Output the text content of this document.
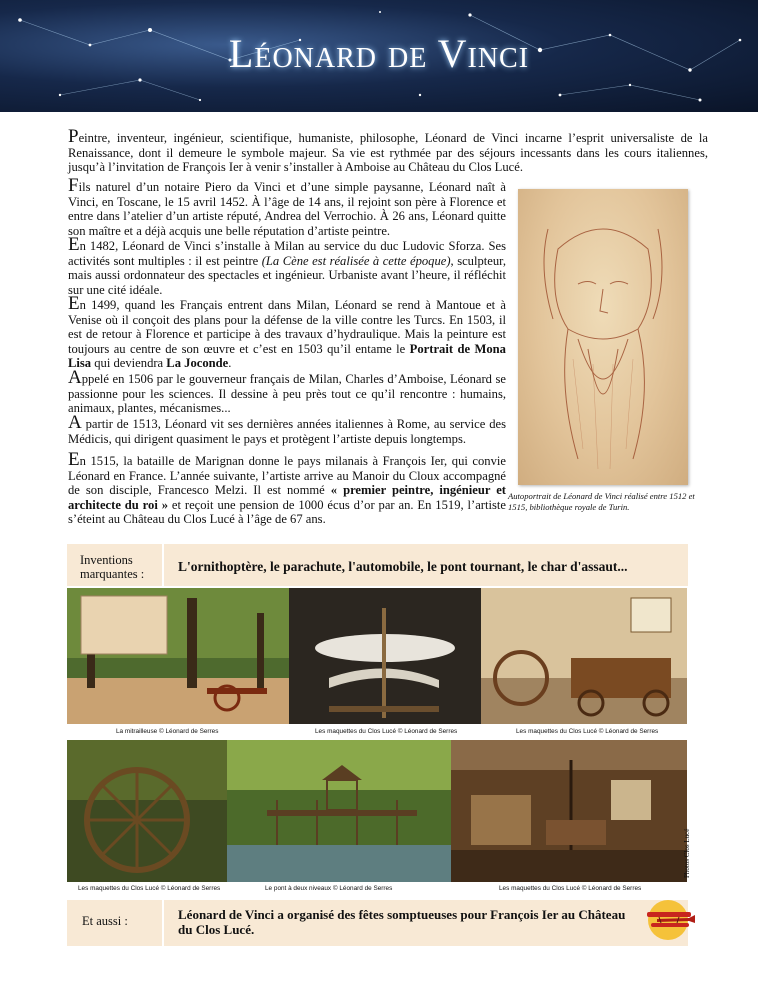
Léonard de Vinci

Peintre, inventeur, ingénieur, scientifique, humaniste, philosophe, Léonard de Vinci incarne l’esprit universaliste de la Renaissance, dont il demeure le symbole majeur. Sa vie est rythmée par des séjours incessants dans les cours italiennes, jusqu’à l’invitation de François Ier à venir s’installer à Amboise au Château du Clos Lucé.

Fils naturel d’un notaire Piero da Vinci et d’une simple paysanne, Léonard naît à Vinci, en Toscane, le 15 avril 1452. À l’âge de 14 ans, il rejoint son père à Florence et entre dans l’atelier d’un artiste réputé, Andrea del Verrochio. À 26 ans, Léonard quitte son maître et a déjà acquis une belle réputation d’artiste peintre.

En 1482, Léonard de Vinci s’installe à Milan au service du duc Ludovic Sforza. Ses activités sont multiples : il est peintre (La Cène est réalisée à cette époque), sculpteur, mais aussi ordonnateur des spectacles et ingénieur. Urbaniste avant l’heure, il réfléchit sur une cité idéale.

En 1499, quand les Français entrent dans Milan, Léonard se rend à Mantoue et à Venise où il conçoit des plans pour la défense de la ville contre les Turcs. En 1503, il est de retour à Florence et participe à des travaux d’hydraulique. Mais la peinture est toujours au centre de son œuvre et c’est en 1503 qu’il entame le Portrait de Mona Lisa qui deviendra La Joconde.

Appelé en 1506 par le gouverneur français de Milan, Charles d’Amboise, Léonard se passionne pour les sciences. Il dessine à peu près tout ce qu’il rencontre : humains, animaux, plantes, mécanismes...

A partir de 1513, Léonard vit ses dernières années italiennes à Rome, au service des Médicis, qui dirigent quasiment le pays et protègent l’artiste depuis longtemps.

En 1515, la bataille de Marignan donne le pays milanais à François Ier, qui convie Léonard en France. L’année suivante, l’artiste arrive au Manoir du Cloux accompagné de son disciple, Francesco Melzi. Il est nommé « premier peintre, ingénieur et architecte du roi » et reçoit une pension de 1000 écus d’or par an. En 1519, l’artiste s’éteint au Château du Clos Lucé à l’âge de 67 ans.

Autoportrait de Léonard de Vinci réalisé entre 1512 et 1515, bibliothèque royale de Turin.
Inventions
marquantes :	L'ornithoptère, le parachute, l'automobile, le pont tournant, le char d'assaut...
La mitrailleuse © Léonard de Serres	Les maquettes du Clos Lucé © Léonard de Serres	Les maquettes du Clos Lucé © Léonard de Serres
Photos Clos Lucé
Les maquettes du Clos Lucé © Léonard de Serres	Le pont à deux niveaux © Léonard de Serres	Les maquettes du Clos Lucé © Léonard de Serres
Et aussi :	Léonard de Vinci a organisé des fêtes somptueuses pour François Ier au Château du Clos Lucé.
